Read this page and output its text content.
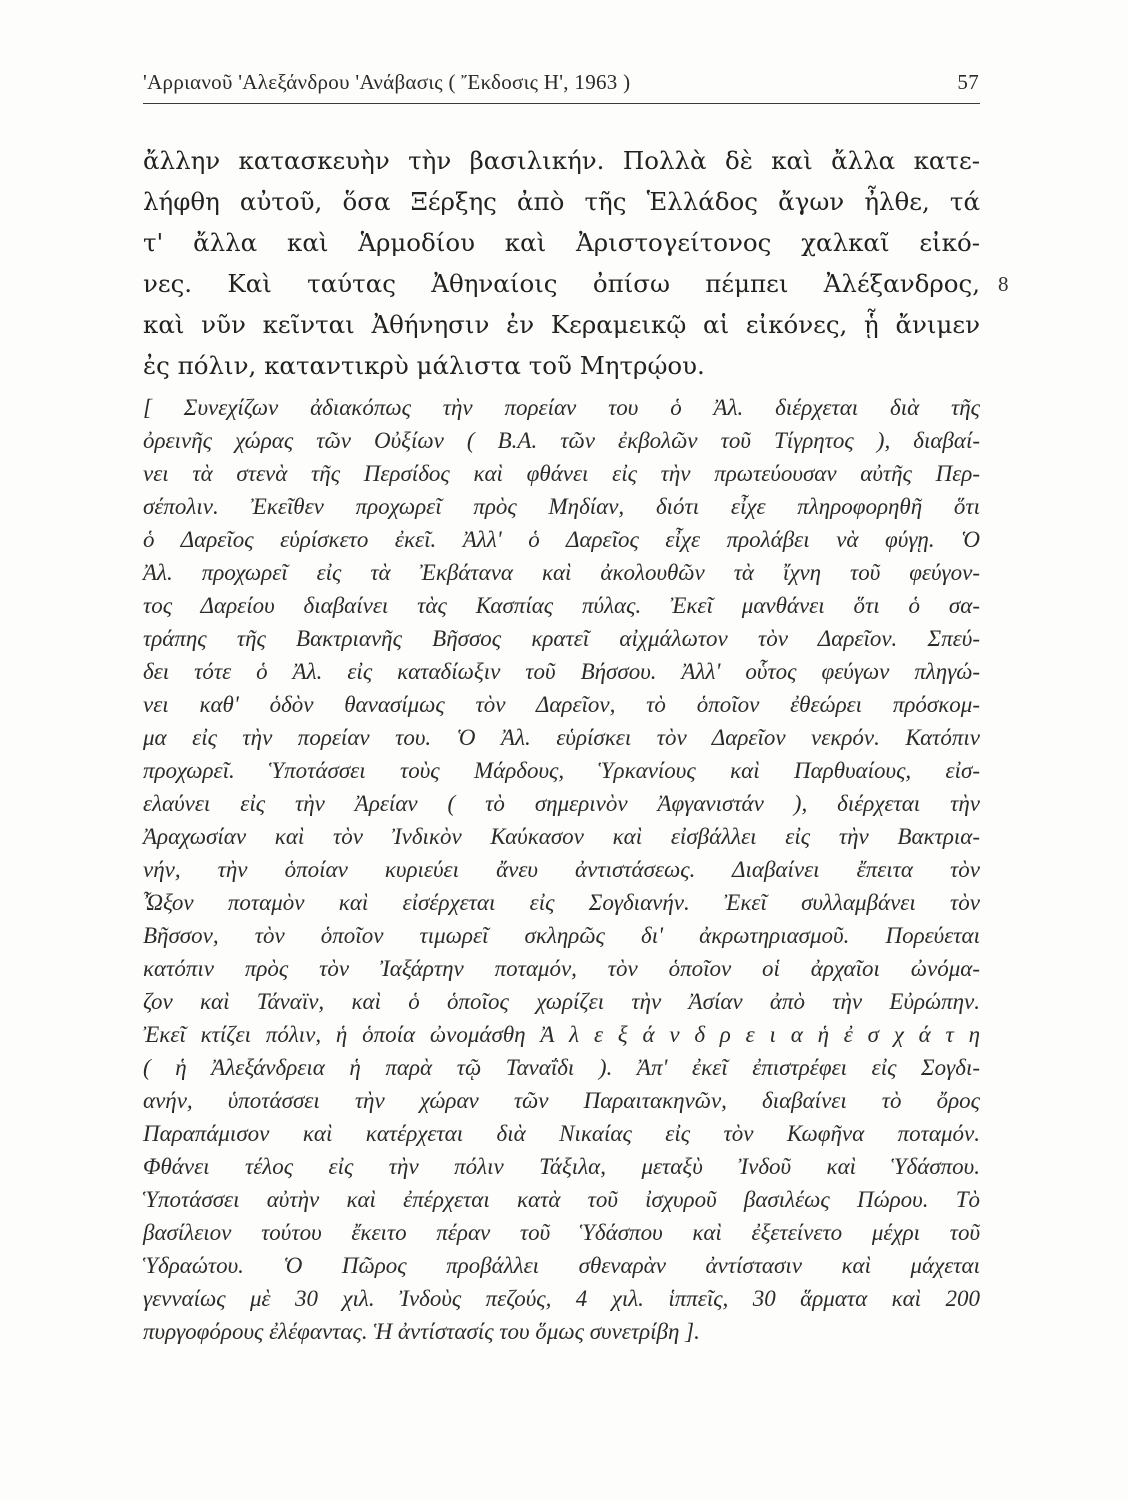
'Αρριανοῦ 'Αλεξάνδρου 'Ανάβασις ( Ἔκδοσις Η', 1963 )	57
ἄλλην κατασκευὴν τὴν βασιλικήν. Πολλὰ δὲ καὶ ἄλλα κατε-
λήφθη αὐτοῦ, ὅσα Ξέρξης ἀπὸ τῆς Ἑλλάδος ἄγων ἦλθε, τά
τ' ἄλλα καὶ Ἁρμοδίου καὶ Ἀριστογείτονος χαλκαῖ εἰκό-
νες. Καὶ ταύτας Ἀθηναίοις ὀπίσω πέμπει Ἀλέξανδρος,
καὶ νῦν κεῖνται Ἀθήνησιν ἐν Κεραμεικῷ αἱ εἰκόνες, ᾗ ἄνιμεν
ἐς πόλιν, καταντικρὺ μάλιστα τοῦ Μητρῴου.
8
[ Συνεχίζων ἀδιακόπως τὴν πορείαν του ὁ Ἀλ. διέρχεται διὰ τῆς
ὀρεινῆς χώρας τῶν Οὐξίων ( Β.Α. τῶν ἐκβολῶν τοῦ Τίγρητος ), διαβαί-
νει τὰ στενὰ τῆς Περσίδος καὶ φθάνει εἰς τὴν πρωτεύουσαν αὐτῆς Περ-
σέπολιν. Ἐκεῖθεν προχωρεῖ πρὸς Μηδίαν, διότι εἶχε πληροφορηθῆ ὅτι
ὁ Δαρεῖος εὑρίσκετο ἐκεῖ. Ἀλλ' ὁ Δαρεῖος εἶχε προλάβει νὰ φύγῃ. Ὁ
Ἀλ. προχωρεῖ εἰς τὰ Ἐκβάτανα καὶ ἀκολουθῶν τὰ ἴχνη τοῦ φεύγον-
τος Δαρείου διαβαίνει τὰς Κασπίας πύλας. Ἐκεῖ μανθάνει ὅτι ὁ σα-
τράπης τῆς Βακτριανῆς Βῆσσος κρατεῖ αἰχμάλωτον τὸν Δαρεῖον. Σπεύ-
δει τότε ὁ Ἀλ. εἰς καταδίωξιν τοῦ Βήσσου. Ἀλλ' οὗτος φεύγων πληγώ-
νει καθ' ὁδὸν θανασίμως τὸν Δαρεῖον, τὸ ὁποῖον ἐθεώρει πρόσκομ-
μα εἰς τὴν πορείαν του. Ὁ Ἀλ. εὑρίσκει τὸν Δαρεῖον νεκρόν. Κατόπιν
προχωρεῖ. Ὑποτάσσει τοὺς Μάρδους, Ὑρκανίους καὶ Παρθυαίους, εἰσ-
ελαύνει εἰς τὴν Ἀρείαν ( τὸ σημερινὸν Ἀφγανιστάν ), διέρχεται τὴν
Ἀραχωσίαν καὶ τὸν Ἰνδικὸν Καύκασον καὶ εἰσβάλλει εἰς τὴν Βακτρια-
νήν, τὴν ὁποίαν κυριεύει ἄνευ ἀντιστάσεως. Διαβαίνει ἔπειτα τὸν
Ὦξον ποταμὸν καὶ εἰσέρχεται εἰς Σογδιανήν. Ἐκεῖ συλλαμβάνει τὸν
Βῆσσον, τὸν ὁποῖον τιμωρεῖ σκληρῶς δι' ἀκρωτηριασμοῦ. Πορεύεται
κατόπιν πρὸς τὸν Ἰαξάρτην ποταμόν, τὸν ὁποῖον οἱ ἀρχαῖοι ὠνόμα-
ζον καὶ Τάναϊν, καὶ ὁ ὁποῖος χωρίζει τὴν Ἀσίαν ἀπὸ τὴν Εὐρώπην.
Ἐκεῖ κτίζει πόλιν, ἡ ὁποία ὠνομάσθη Ἀ λ ε ξ ά ν δ ρ ε ι α ἡ ἐ σ χ ά τ η
( ἡ Ἀλεξάνδρεια ἡ παρὰ τῷ Ταναΐδι ). Ἀπ' ἐκεῖ ἐπιστρέφει εἰς Σογδι-
ανήν, ὑποτάσσει τὴν χώραν τῶν Παραιτακηνῶν, διαβαίνει τὸ ὄρος
Παραπάμισον καὶ κατέρχεται διὰ Νικαίας εἰς τὸν Κωφῆνα ποταμόν.
Φθάνει τέλος εἰς τὴν πόλιν Τάξιλα, μεταξὺ Ἰνδοῦ καὶ Ὑδάσπου.
Ὑποτάσσει αὐτὴν καὶ ἐπέρχεται κατὰ τοῦ ἰσχυροῦ βασιλέως Πώρου. Τὸ
βασίλειον τούτου ἔκειτο πέραν τοῦ Ὑδάσπου καὶ ἐξετείνετο μέχρι τοῦ
Ὑδραώτου. Ὁ Πῶρος προβάλλει σθεναρὰν ἀντίστασιν καὶ μάχεται
γενναίως μὲ 30 χιλ. Ἰνδοὺς πεζούς, 4 χιλ. ἱππεῖς, 30 ἅρματα καὶ 200
πυργοφόρους ἐλέφαντας. Ἡ ἀντίστασίς του ὅμως συνετρίβη ].
